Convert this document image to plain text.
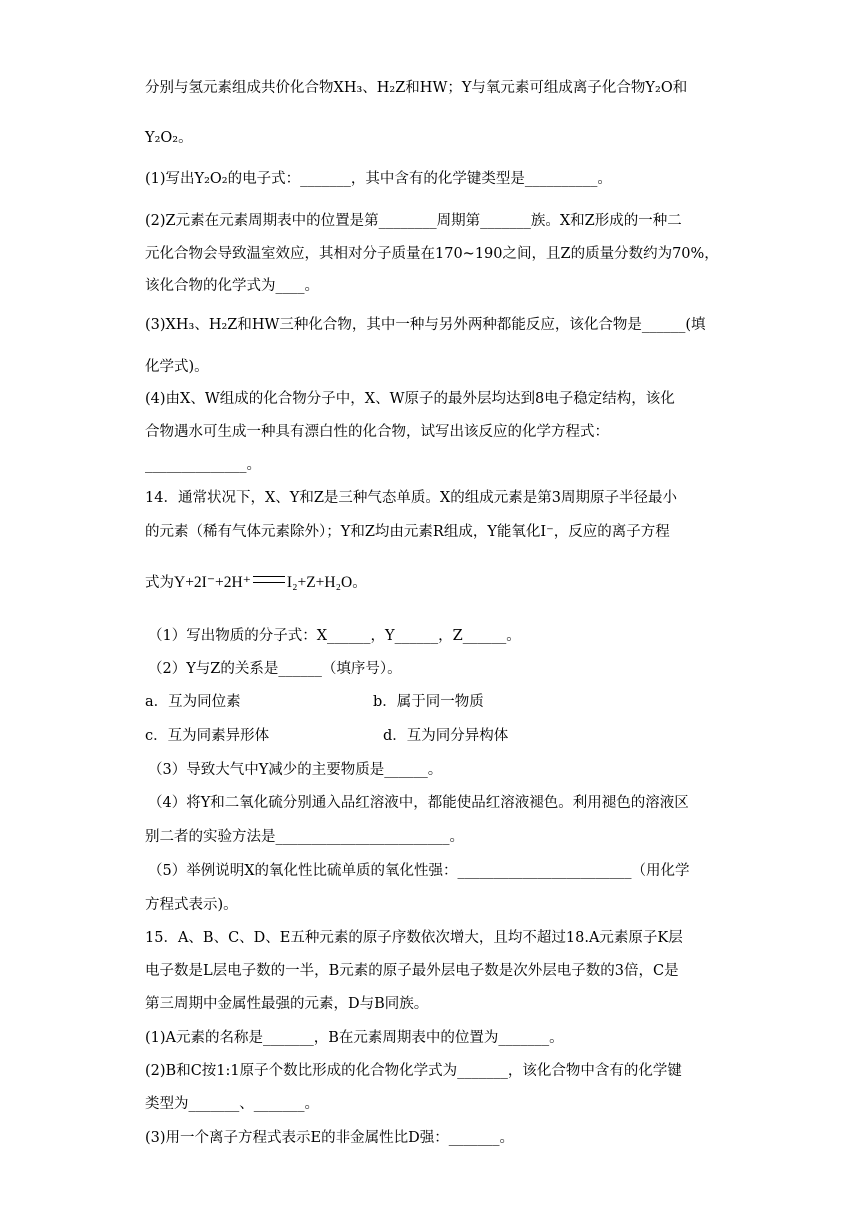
分别与氢元素组成共价化合物XH₃、H₂Z和HW；Y与氧元素可组成离子化合物Y₂O和
Y₂O₂。
(1)写出Y₂O₂的电子式：_______，其中含有的化学键类型是__________。
(2)Z元素在元素周期表中的位置是第________周期第_______族。X和Z形成的一种二
元化合物会导致温室效应，其相对分子质量在170~190之间，且Z的质量分数约为70%，
该化合物的化学式为____。
(3)XH₃、H₂Z和HW三种化合物，其中一种与另外两种都能反应，该化合物是______(填
化学式)。
(4)由X、W组成的化合物分子中，X、W原子的最外层均达到8电子稳定结构，该化
合物遇水可生成一种具有漂白性的化合物，试写出该反应的化学方程式：
______________。
14．通常状况下，X、Y和Z是三种气态单质。X的组成元素是第3周期原子半径最小
的元素（稀有气体元素除外）；Y和Z均由元素R组成，Y能氧化I⁻，反应的离子方程
式为Y+2I⁻+2H⁺ I₂+Z+H₂O。
（1）写出物质的分子式：X______，Y______，Z______。
（2）Y与Z的关系是______（填序号）。
a．互为同位素	b．属于同一物质
c．互为同素异形体	d．互为同分异构体
（3）导致大气中Y减少的主要物质是______。
（4）将Y和二氧化硫分别通入品红溶液中，都能使品红溶液褪色。利用褪色的溶液区
别二者的实验方法是________________________。
（5）举例说明X的氧化性比硫单质的氧化性强：________________________（用化学
方程式表示)。
15．A、B、C、D、E五种元素的原子序数依次增大，且均不超过18.A元素原子K层
电子数是L层电子数的一半，B元素的原子最外层电子数是次外层电子数的3倍，C是
第三周期中金属性最强的元素，D与B同族。
(1)A元素的名称是_______，B在元素周期表中的位置为_______。
(2)B和C按1:1原子个数比形成的化合物化学式为_______，该化合物中含有的化学键
类型为_______、_______。
(3)用一个离子方程式表示E的非金属性比D强：_______。
